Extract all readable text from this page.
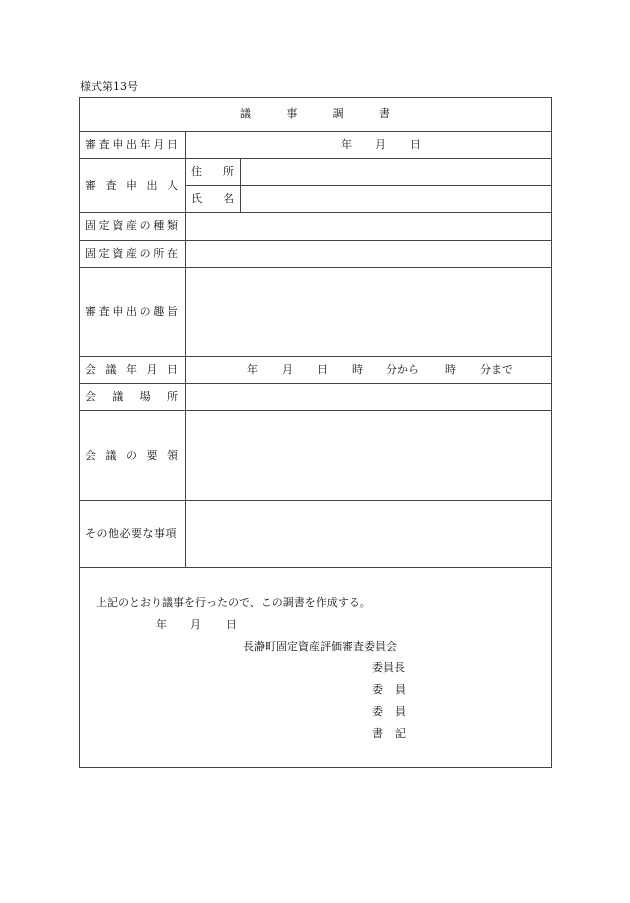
様式第13号
議	事	調	書
審 査 申 出 年 月 日	年 月 日
審 査 申 出 人
住 所
氏 名
固 定 資 産 の 種 類
固 定 資 産 の 所 在
審 査 申 出 の 趣 旨
会 議 年 月 日	年 月 日 時 分から 時 分まで
会 議 場 所
会 議 の 要 領
その他必要な事項
上記のとおり議事を行ったので、この調書を作成する。
年 月 日
長瀞町固定資産評価審査委員会
委員長
委 員
委 員
書 記
